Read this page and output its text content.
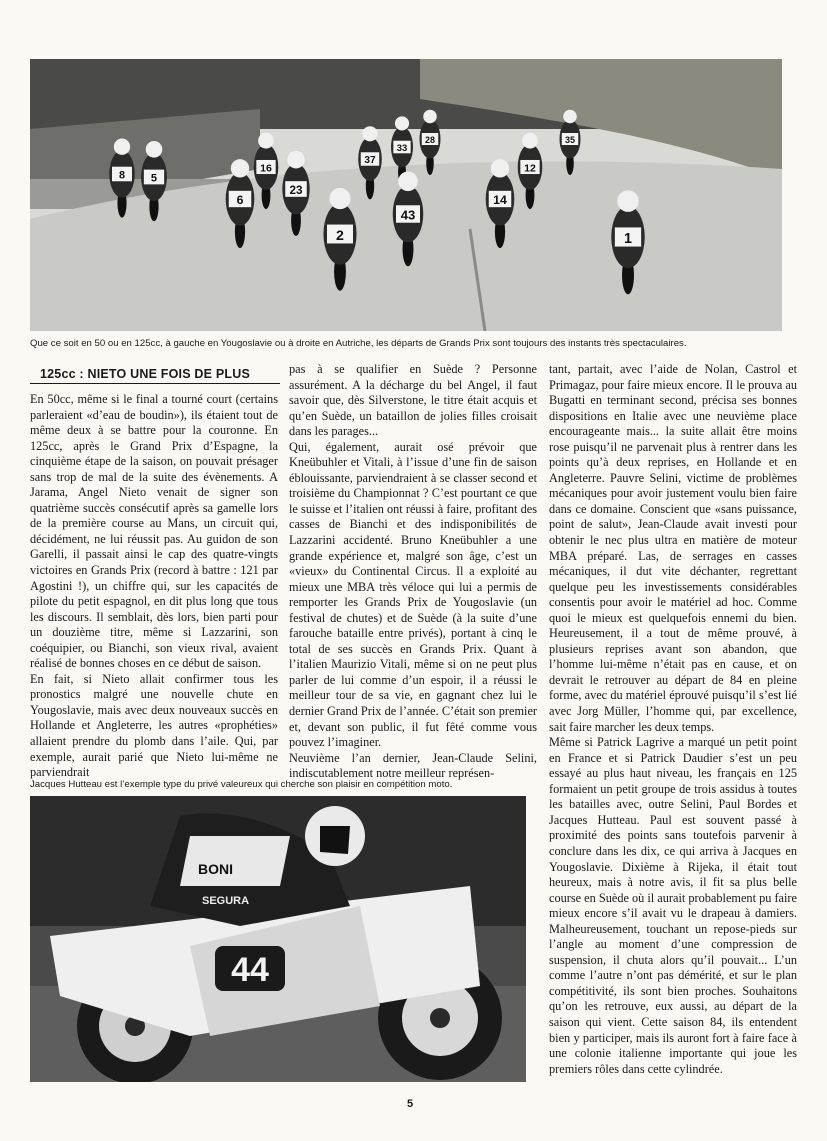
8 5
6
16
23
37
33
28
2
43
14
12
1
35
Que ce soit en 50 ou en 125cc, à gauche en Yougoslavie ou à droite en Autriche, les départs de Grands Prix sont toujours des instants très spectaculaires.
125cc : NIETO UNE FOIS DE PLUS

En 50cc, même si le final a tourné court (certains parleraient «d’eau de boudin»), ils étaient tout de même deux à se battre pour la couronne. En 125cc, après le Grand Prix d’Espagne, la cinquième étape de la saison, on pouvait présager sans trop de mal de la suite des évènements. A Jarama, Angel Nieto venait de signer son quatrième succès consécutif après sa gamelle lors de la première course au Mans, un circuit qui, décidément, ne lui réussit pas. Au guidon de son Garelli, il passait ainsi le cap des quatre-vingts victoires en Grands Prix (record à battre : 121 par Agostini !), un chiffre qui, sur les capacités de pilote du petit espagnol, en dit plus long que tous les discours. Il semblait, dès lors, bien parti pour un douzième titre, même si Lazzarini, son coéquipier, ou Bianchi, son vieux rival, avaient réalisé de bonnes choses en ce début de saison.

En fait, si Nieto allait confirmer tous les pronostics malgré une nouvelle chute en Yougoslavie, mais avec deux nouveaux succès en Hollande et Angleterre, les autres «prophéties» allaient prendre du plomb dans l’aile. Qui, par exemple, aurait parié que Nieto lui-même ne parviendrait

pas à se qualifier en Suède ? Personne assurément. A la décharge du bel Angel, il faut savoir que, dès Silverstone, le titre était acquis et qu’en Suède, un bataillon de jolies filles croisait dans les parages...

Qui, également, aurait osé prévoir que Kneübuhler et Vitali, à l’issue d’une fin de saison éblouissante, parviendraient à se classer second et troisième du Championnat ? C’est pourtant ce que le suisse et l’italien ont réussi à faire, profitant des casses de Bianchi et des indisponibilités de Lazzarini accidenté. Bruno Kneübuhler a une grande expérience et, malgré son âge, c’est un «vieux» du Continental Circus. Il a exploité au mieux une MBA très véloce qui lui a permis de remporter les Grands Prix de Yougoslavie (un festival de chutes) et de Suède (à la suite d’une farouche bataille entre privés), portant à cinq le total de ses succès en Grands Prix. Quant à l’italien Maurizio Vitali, même si on ne peut plus parler de lui comme d’un espoir, il a réussi le meilleur tour de sa vie, en gagnant chez lui le dernier Grand Prix de l’année. C’était son premier et, devant son public, il fut fêté comme vous pouvez l’imaginer.

Neuvième l’an dernier, Jean-Claude Selini, indiscutablement notre meilleur représen-

Jacques Hutteau est l’exemple type du privé valeureux qui cherche son plaisir en compétition moto.
44
BONI
SEGURA

tant, partait, avec l’aide de Nolan, Castrol et Primagaz, pour faire mieux encore. Il le prouva au Bugatti en terminant second, précisa ses bonnes dispositions en Italie avec une neuvième place encourageante mais... la suite allait être moins rose puisqu’il ne parvenait plus à rentrer dans les points qu’à deux reprises, en Hollande et en Angleterre. Pauvre Selini, victime de problèmes mécaniques pour avoir justement voulu bien faire dans ce domaine. Conscient que «sans puissance, point de salut», Jean-Claude avait investi pour obtenir le nec plus ultra en matière de moteur MBA préparé. Las, de serrages en casses mécaniques, il dut vite déchanter, regrettant quelque peu les investissements considérables consentis pour avoir le matériel ad hoc. Comme quoi le mieux est quelquefois ennemi du bien. Heureusement, il a tout de même prouvé, à plusieurs reprises avant son abandon, que l’homme lui-même n’était pas en cause, et on devrait le retrouver au départ de 84 en pleine forme, avec du matériel éprouvé puisqu’il s’est lié avec Jorg Müller, l’homme qui, par excellence, sait faire marcher les deux temps.

Même si Patrick Lagrive a marqué un petit point en France et si Patrick Daudier s’est un peu essayé au plus haut niveau, les français en 125 formaient un petit groupe de trois assidus à toutes les batailles avec, outre Selini, Paul Bordes et Jacques Hutteau. Paul est souvent passé à proximité des points sans toutefois parvenir à conclure dans les dix, ce qui arriva à Jacques en Yougoslavie. Dixième à Rijeka, il était tout heureux, mais à notre avis, il fit sa plus belle course en Suède où il aurait probablement pu faire mieux encore s’il avait vu le drapeau à damiers. Malheureusement, touchant un repose-pieds sur l’angle au moment d’une compression de suspension, il chuta alors qu’il pouvait... L’un comme l’autre n’ont pas démérité, et sur le plan compétitivité, ils sont bien proches. Souhaitons qu’on les retrouve, eux aussi, au départ de la saison qui vient. Cette saison 84, ils entendent bien y participer, mais ils auront fort à faire face à une colonie italienne importante qui joue les premiers rôles dans cette cylindrée.

5
